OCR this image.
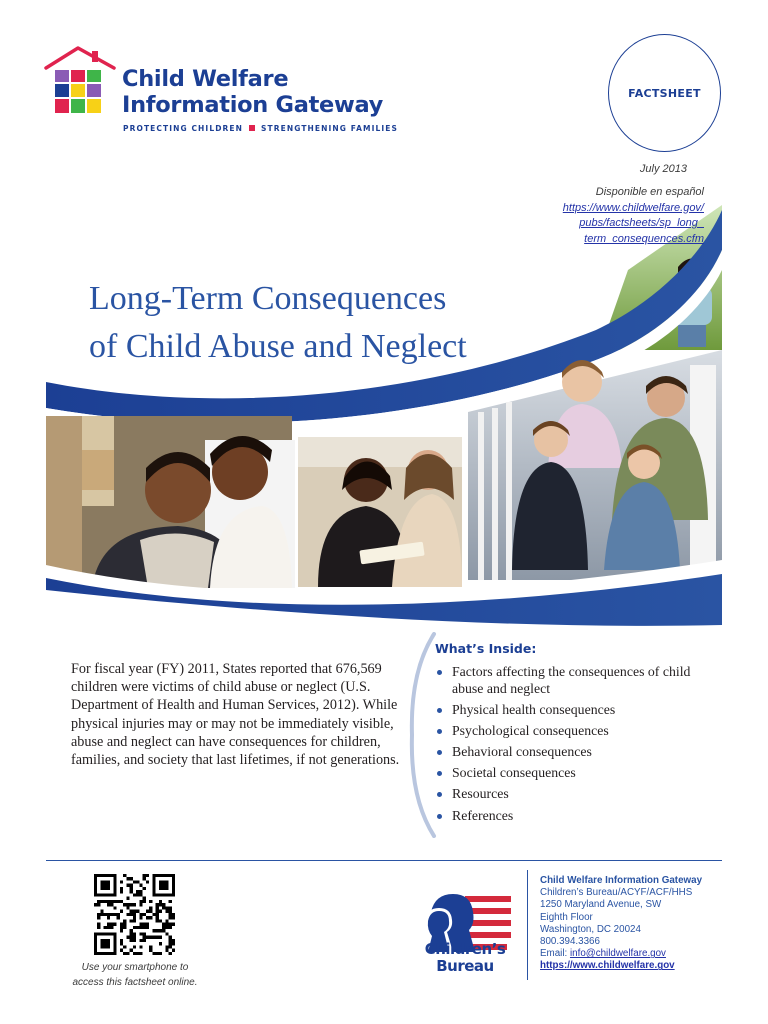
Child Welfare
Information Gateway
PROTECTING CHILDREN STRENGTHENING FAMILIES
FACTSHEET
July 2013
Disponible en español
https://www.childwelfare.gov/
pubs/factsheets/sp_long_
term_consequences.cfm
Long-Term Consequences
of Child Abuse and Neglect

For fiscal year (FY) 2011, States reported that 676,569 children were victims of child abuse or neglect (U.S. Department of Health and Human Services, 2012). While physical injuries may or may not be immediately visible, abuse and neglect can have consequences for children, families, and society that last lifetimes, if not generations.

What’s Inside:
Factors affecting the consequences of child abuse and neglect
Physical health consequences
Psychological consequences
Behavioral consequences
Societal consequences
Resources
References
Use your smartphone to
access this factsheet online.
Children’s
Bureau
Child Welfare Information Gateway
Children’s Bureau/ACYF/ACF/HHS
1250 Maryland Avenue, SW
Eighth Floor
Washington, DC 20024
800.394.3366
Email: info@childwelfare.gov
https://www.childwelfare.gov
